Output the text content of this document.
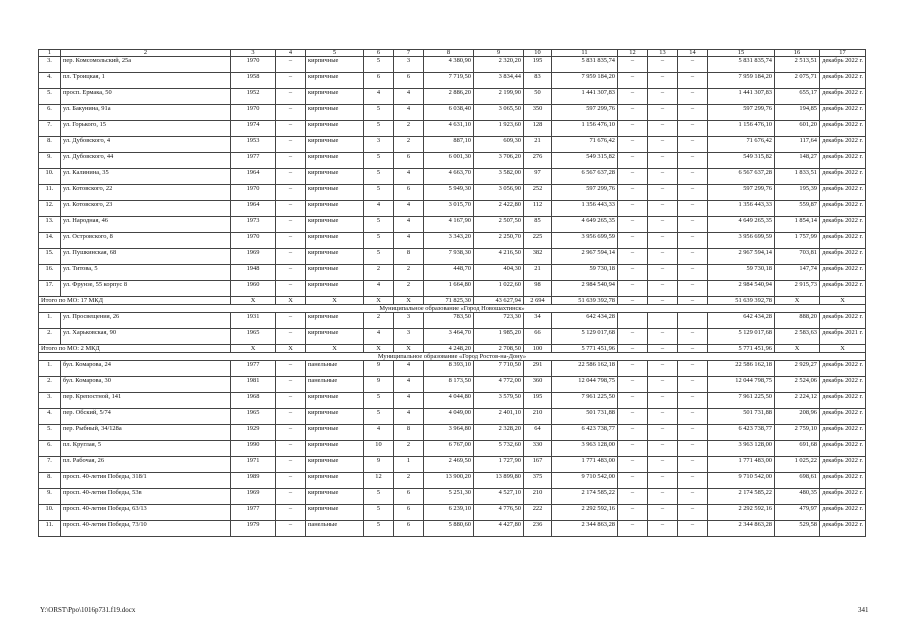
1	2	3	4	5	6	7	8	9	10	11	12	13	14	15	16	17
3.	пер. Комсомольский, 25а	1970	–	кирпичные	5	3	4 380,90	2 320,20	195	5 831 835,74	–	–	–	5 831 835,74	2 513,51	декабрь 2022 г.
4.	пл. Троицкая, 1	1958	–	кирпичные	6	6	7 719,50	3 834,44	83	7 959 184,20	–	–	–	7 959 184,20	2 075,71	декабрь 2022 г.
5.	просп. Ермака, 50	1952	–	кирпичные	4	4	2 886,20	2 199,90	50	1 441 307,83	–	–	–	1 441 307,83	655,17	декабрь 2022 г.
6.	ул. Бакунина, 91а	1970	–	кирпичные	5	4	6 038,40	3 065,50	350	597 299,76	–	–	–	597 299,76	194,85	декабрь 2022 г.
7.	ул. Горького, 15	1974	–	кирпичные	5	2	4 631,10	1 923,60	128	1 156 476,10	–	–	–	1 156 476,10	601,20	декабрь 2022 г.
8.	ул. Дубовского, 4	1953	–	кирпичные	3	2	887,10	609,30	21	71 676,42	–	–	–	71 676,42	117,64	декабрь 2022 г.
9.	ул. Дубовского, 44	1977	–	кирпичные	5	6	6 001,30	3 706,20	276	549 315,82	–	–	–	549 315,82	148,27	декабрь 2022 г.
10.	ул. Калинина, 35	1964	–	кирпичные	5	4	4 663,70	3 582,00	97	6 567 637,28	–	–	–	6 567 637,28	1 833,51	декабрь 2022 г.
11.	ул. Котовского, 22	1970	–	кирпичные	5	6	5 949,30	3 056,90	252	597 299,76	–	–	–	597 299,76	195,39	декабрь 2022 г.
12.	ул. Котовского, 23	1964	–	кирпичные	4	4	3 015,70	2 422,80	112	1 356 443,33	–	–	–	1 356 443,33	559,87	декабрь 2022 г.
13.	ул. Народная, 46	1973	–	кирпичные	5	4	4 167,90	2 507,50	85	4 649 265,35	–	–	–	4 649 265,35	1 854,14	декабрь 2022 г.
14.	ул. Островского, 8	1970	–	кирпичные	5	4	3 343,20	2 250,70	225	3 956 699,59	–	–	–	3 956 699,59	1 757,99	декабрь 2022 г.
15.	ул. Пушкинская, 68	1969	–	кирпичные	5	8	7 938,30	4 216,50	382	2 967 594,14	–	–	–	2 967 594,14	703,81	декабрь 2022 г.
16.	ул. Титова, 5	1948	–	кирпичные	2	2	448,70	404,30	21	59 730,18	–	–	–	59 730,18	147,74	декабрь 2022 г.
17.	ул. Фрунзе, 55 корпус 8	1960	–	кирпичные	4	2	1 664,80	1 022,60	98	2 984 540,94	–	–	–	2 984 540,94	2 915,73	декабрь 2022 г.
Итого по МО: 17 МКД		X	X	X	X	X	71 825,30	43 627,94	2 694	51 639 392,78	–	–	–	51 639 392,78	X	X
Муниципальное образование «Город Новошахтинск»																
1.	ул. Просвещения, 26	1931	–	кирпичные	2	3	783,50	723,30	34	642 434,28				642 434,28	888,20	декабрь 2022 г.
2.	ул. Харьковская, 90	1965	–	кирпичные	4	3	3 464,70	1 985,20	66	5 129 017,68	–	–	–	5 129 017,68	2 583,63	декабрь 2021 г.
Итого по МО: 2 МКД		X	X	X	X	X	4 248,20	2 708,50	100	5 771 451,96	–	–	–	5 771 451,96	X	X
Муниципальное образование «Город Ростов-на-Дону»																
1.	бул. Комарова, 24	1977	–	панельные	9	4	8 393,10	7 710,50	291	22 586 162,18	–	–	–	22 586 162,18	2 929,27	декабрь 2022 г.
2.	бул. Комарова, 30	1981	–	панельные	9	4	8 173,50	4 772,00	360	12 044 798,75	–	–	–	12 044 798,75	2 524,06	декабрь 2022 г.
3.	пер. Крепостной, 141	1968	–	кирпичные	5	4	4 044,80	3 579,50	195	7 961 225,50	–	–	–	7 961 225,50	2 224,12	декабрь 2022 г.
4.	пер. Обский, 5/74	1965	–	кирпичные	5	4	4 049,00	2 401,10	210	501 731,88	–	–	–	501 731,88	208,96	декабрь 2022 г.
5.	пер. Рыбный, 34/128а	1929	–	кирпичные	4	8	3 964,80	2 328,20	64	6 423 738,77	–	–	–	6 423 738,77	2 759,10	декабрь 2022 г.
6.	пл. Круглая, 5	1990	–	кирпичные	10	2	6 767,00	5 732,60	330	3 963 128,00	–	–	–	3 963 128,00	691,68	декабрь 2022 г.
7.	пл. Рабочая, 26	1971	–	кирпичные	9	1	2 469,50	1 727,90	167	1 771 483,00	–	–	–	1 771 483,00	1 025,22	декабрь 2022 г.
8.	просп. 40-летия Победы, 318/1	1989	–	кирпичные	12	2	13 900,20	13 899,80	375	9 710 542,00	–	–	–	9 710 542,00	698,61	декабрь 2022 г.
9.	просп. 40-летия Победы, 53в	1969	–	кирпичные	5	6	5 251,30	4 527,10	210	2 174 585,22	–	–	–	2 174 585,22	480,35	декабрь 2022 г.
10.	просп. 40-летия Победы, 63/13	1977	–	кирпичные	5	6	6 239,10	4 776,50	222	2 292 592,16	–	–	–	2 292 592,16	479,97	декабрь 2022 г.
11.	просп. 40-летия Победы, 73/10	1979	–	панельные	5	6	5 880,60	4 427,80	236	2 344 863,28	–	–	–	2 344 863,28	529,58	декабрь 2022 г.
Y:\ORST\Ppo\1016p731.f19.docx	341
